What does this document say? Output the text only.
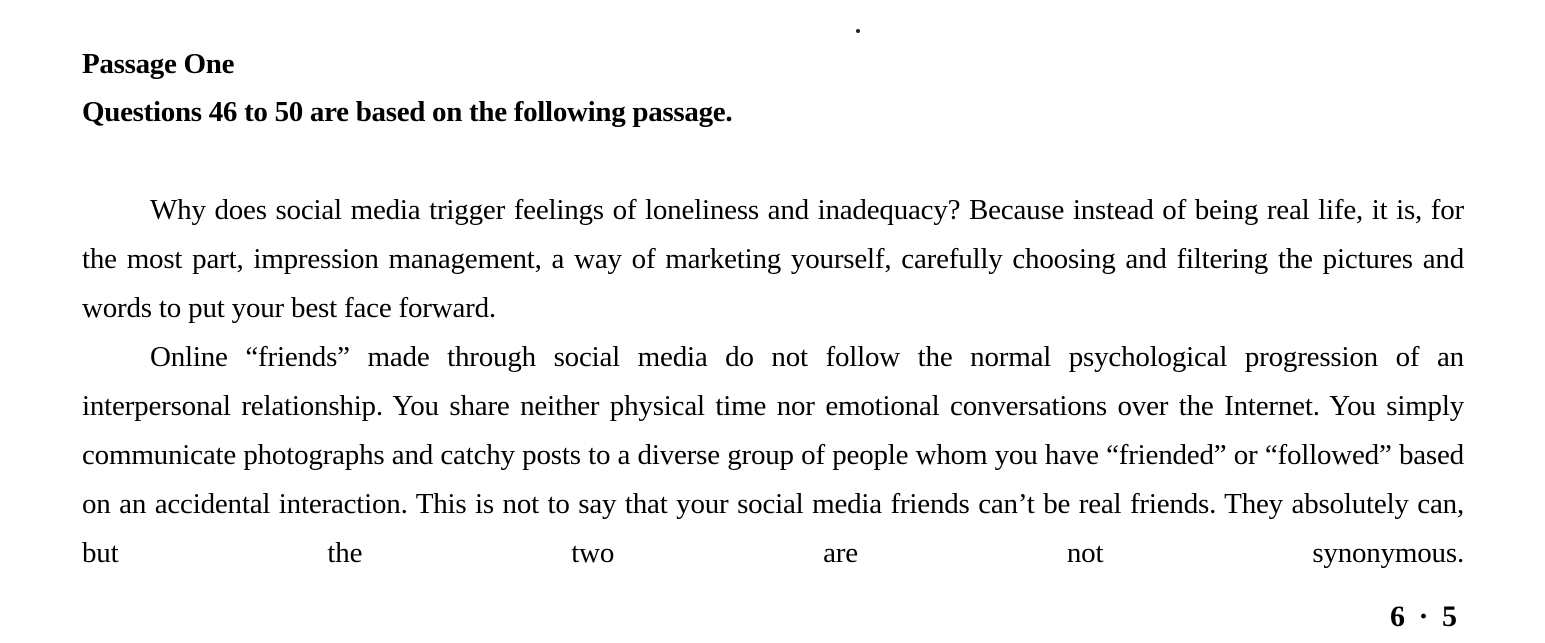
Passage One
Questions 46 to 50 are based on the following passage.

Why does social media trigger feelings of loneliness and inadequacy? Because instead of being real life, it is, for the most part, impression management, a way of marketing yourself, carefully choosing and filtering the pictures and words to put your best face forward.

Online “friends” made through social media do not follow the normal psychological progression of an interpersonal relationship. You share neither physical time nor emotional conversations over the Internet. You simply communicate photographs and catchy posts to a diverse group of people whom you have “friended” or “followed” based on an accidental interaction. This is not to say that your social media friends can’t be real friends. They absolutely can, but the two are not synonymous.

6 · 5
